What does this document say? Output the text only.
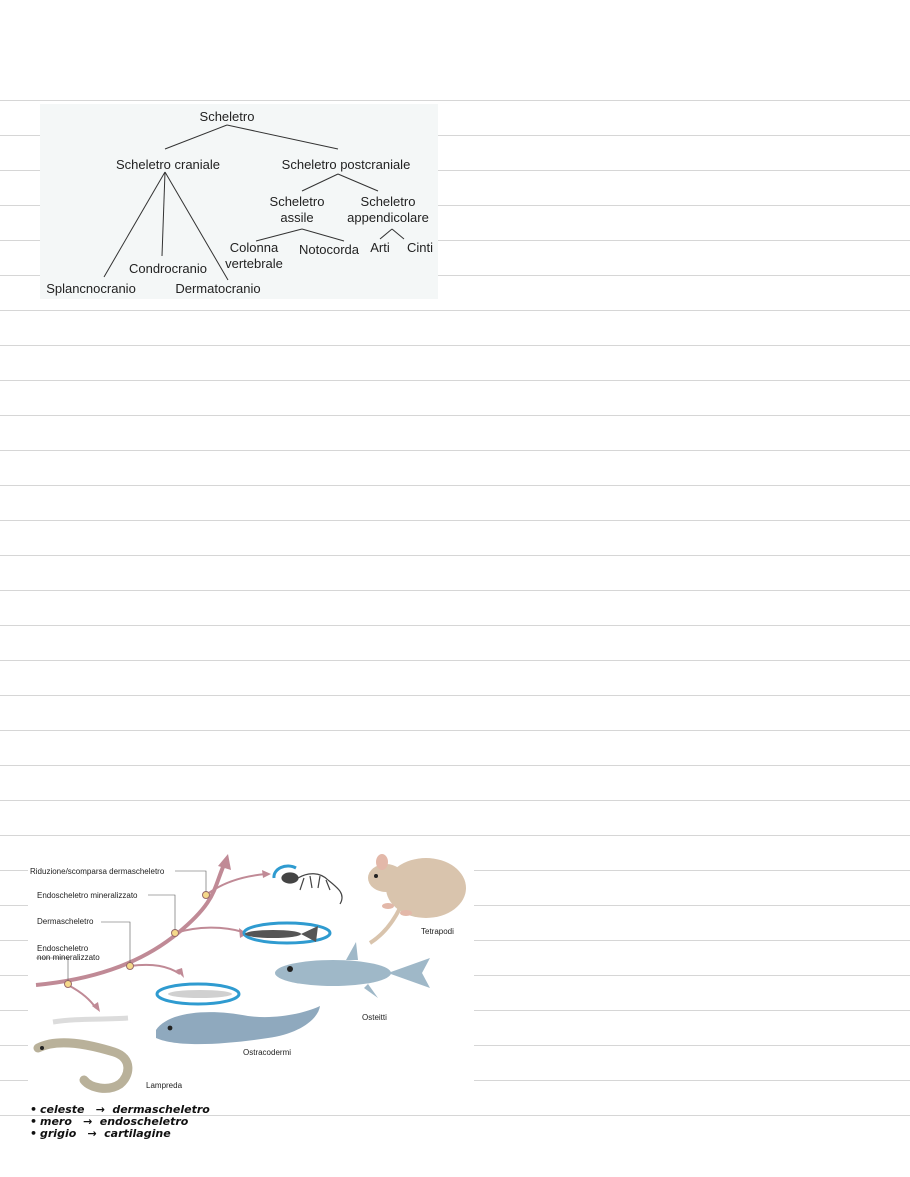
Scheletro
Scheletro craniale	Scheletro postcraniale
Scheletro
assile
Scheletro
appendicolare
Colonna
vertebrale
Notocorda Arti Cinti
Condrocranio
Splancnocranio	Dermatocranio
Riduzione/scomparsa dermascheletro
Endoscheletro mineralizzato
Dermascheletro
Endoscheletro
non mineralizzato
Tetrapodi
Osteitti
Ostracodermi
Lampreda
• celeste → dermascheletro
• mero → endoscheletro
• grigio → cartilagine
